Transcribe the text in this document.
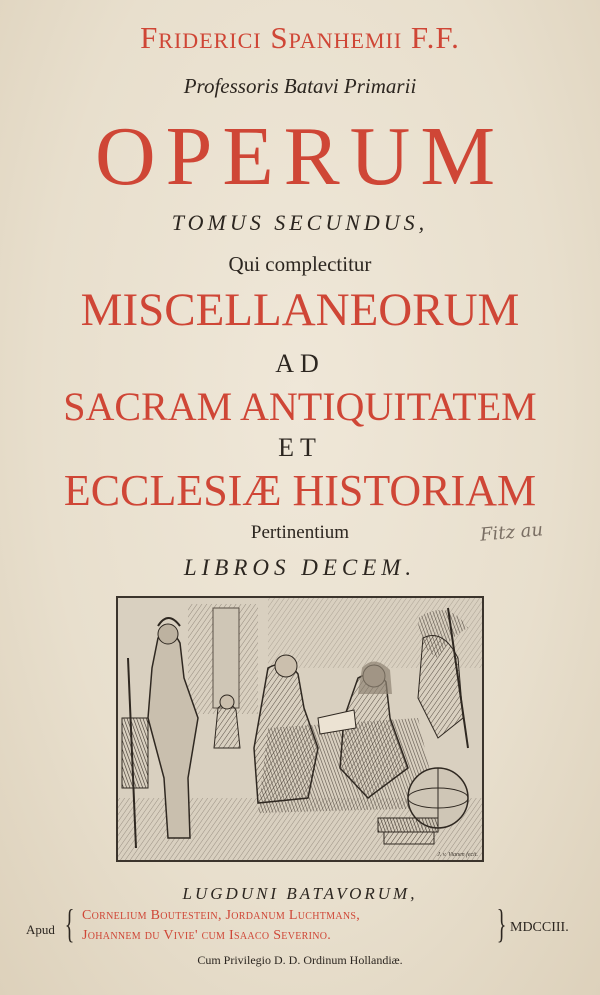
Friderici Spanhemii F.F.
Professoris Batavi Primarii
OPERUM
TOMUS SECUNDUS,
Qui complectitur
MISCELLANEORUM
AD
SACRAM ANTIQUITATEM
ET
ECCLESIÆ HISTORIAM
Pertinentium	Fitz au
LIBROS DECEM.
J. v. Vianen fecit.
LUGDUNI BATAVORUM,
Apud { Cornelium Boutestein, Jordanum Luchtmans,
Johannem du Vivie' cum Isaaco Severino.	} MDCCIII.
Cum Privilegio D. D. Ordinum Hollandiæ.
